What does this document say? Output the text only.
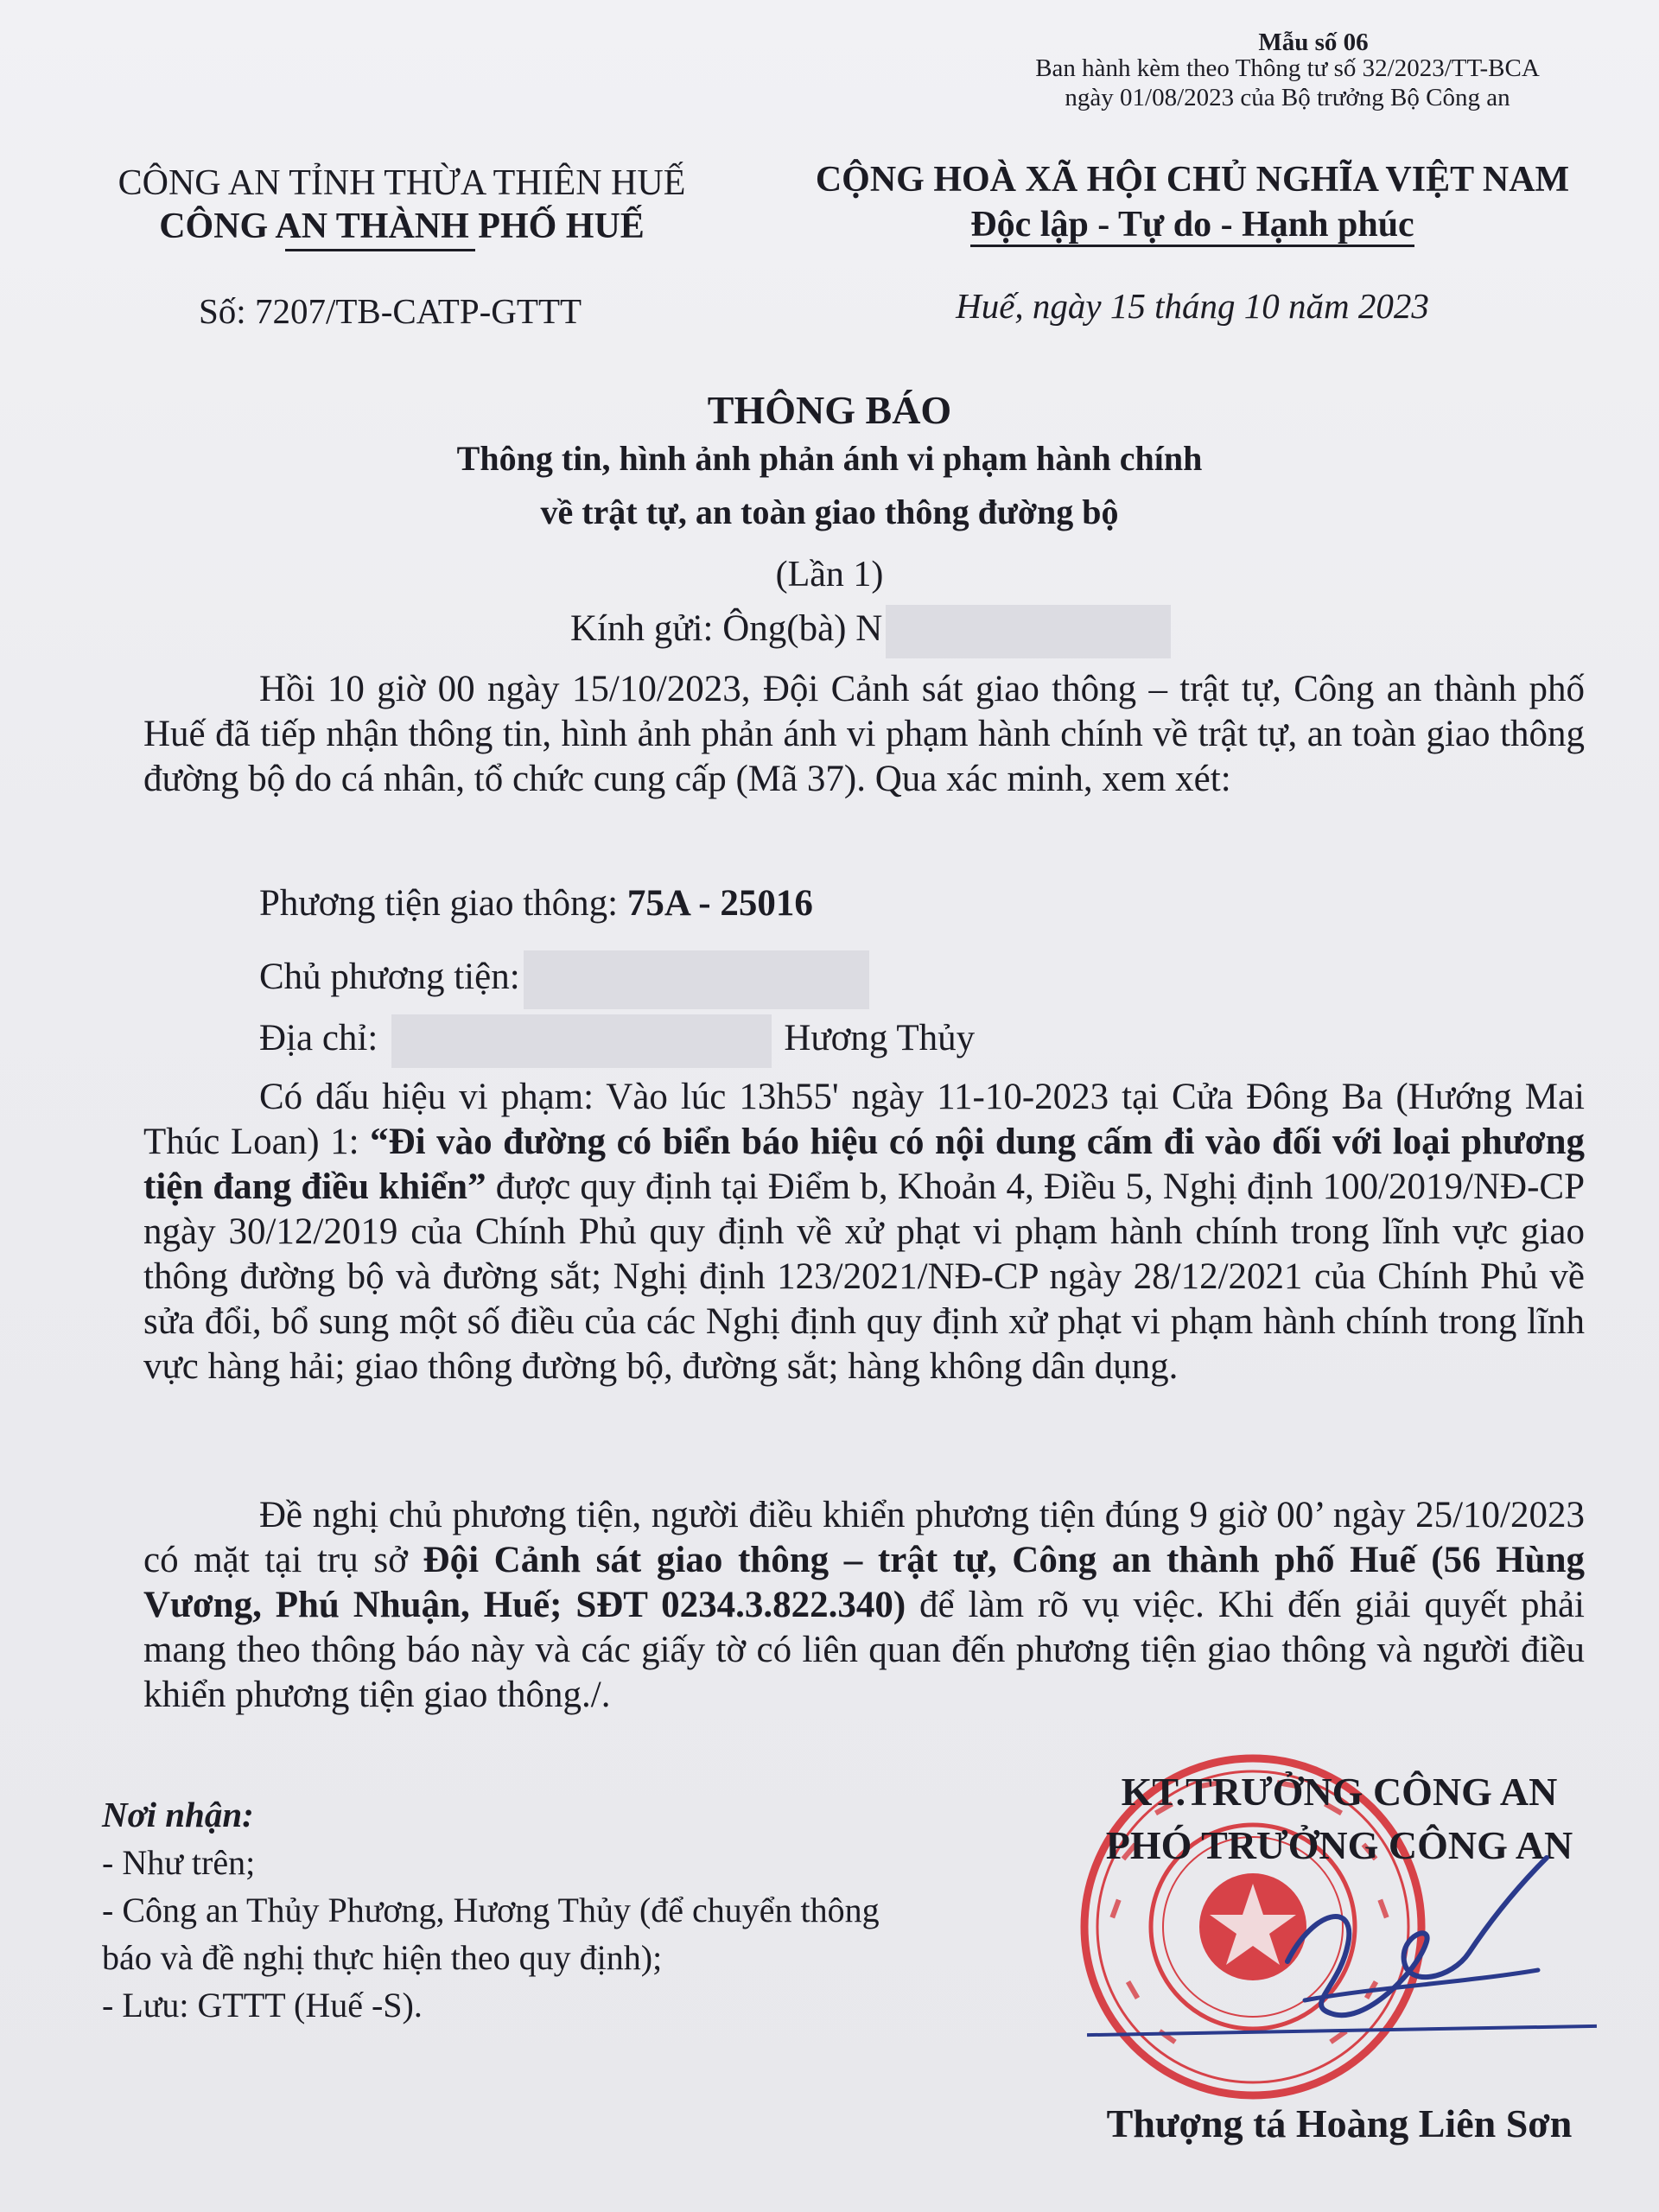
Mẫu số 06
Ban hành kèm theo Thông tư số 32/2023/TT-BCA
ngày 01/08/2023 của Bộ trưởng Bộ Công an
CÔNG AN TỈNH THỪA THIÊN HUẾ
CÔNG AN THÀNH PHỐ HUẾ
Số: 7207/TB-CATP-GTTT
CỘNG HOÀ XÃ HỘI CHỦ NGHĨA VIỆT NAM
Độc lập - Tự do - Hạnh phúc
Huế, ngày 15 tháng 10 năm 2023
THÔNG BÁO
Thông tin, hình ảnh phản ánh vi phạm hành chính
về trật tự, an toàn giao thông đường bộ
(Lần 1)
Kính gửi: Ông(bà) N
Hồi 10 giờ 00 ngày 15/10/2023, Đội Cảnh sát giao thông – trật tự, Công an thành phố Huế đã tiếp nhận thông tin, hình ảnh phản ánh vi phạm hành chính về trật tự, an toàn giao thông đường bộ do cá nhân, tổ chức cung cấp (Mã 37). Qua xác minh, xem xét:
Phương tiện giao thông: 75A - 25016
Chủ phương tiện:
Địa chỉ:	Hương Thủy
Có dấu hiệu vi phạm: Vào lúc 13h55' ngày 11-10-2023 tại Cửa Đông Ba (Hướng Mai Thúc Loan) 1: “Đi vào đường có biển báo hiệu có nội dung cấm đi vào đối với loại phương tiện đang điều khiển” được quy định tại Điểm b, Khoản 4, Điều 5, Nghị định 100/2019/NĐ-CP ngày 30/12/2019 của Chính Phủ quy định về xử phạt vi phạm hành chính trong lĩnh vực giao thông đường bộ và đường sắt; Nghị định 123/2021/NĐ-CP ngày 28/12/2021 của Chính Phủ về sửa đổi, bổ sung một số điều của các Nghị định quy định xử phạt vi phạm hành chính trong lĩnh vực hàng hải; giao thông đường bộ, đường sắt; hàng không dân dụng.
Đề nghị chủ phương tiện, người điều khiển phương tiện đúng 9 giờ 00’ ngày 25/10/2023 có mặt tại trụ sở Đội Cảnh sát giao thông – trật tự, Công an thành phố Huế (56 Hùng Vương, Phú Nhuận, Huế; SĐT 0234.3.822.340) để làm rõ vụ việc. Khi đến giải quyết phải mang theo thông báo này và các giấy tờ có liên quan đến phương tiện giao thông và người điều khiển phương tiện giao thông./.
Nơi nhận:
- Như trên;
- Công an Thủy Phương, Hương Thủy (để chuyển thông báo và đề nghị thực hiện theo quy định);
- Lưu: GTTT (Huế -S).
KT.TRƯỞNG CÔNG AN
PHÓ TRƯỞNG CÔNG AN
Thượng tá Hoàng Liên Sơn
